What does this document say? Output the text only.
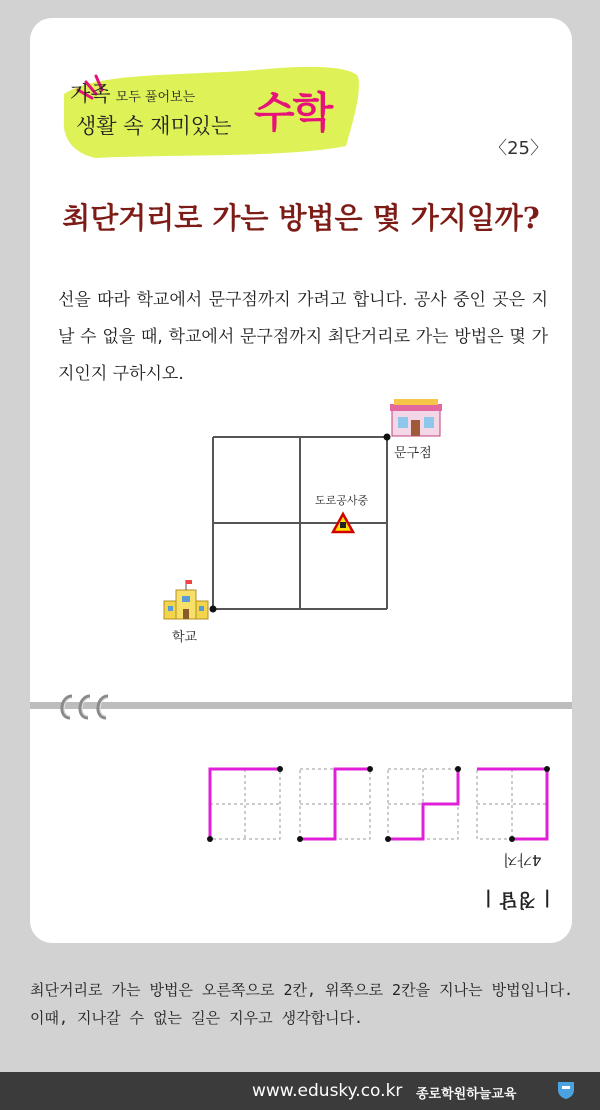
가족 모두 풀어보는
생활 속 재미있는 수학
〈25〉
최단거리로 가는 방법은 몇 가지일까?
선을 따라 학교에서 문구점까지 가려고 합니다. 공사 중인 곳은 지날 수 없을 때, 학교에서 문구점까지 최단거리로 가는 방법은 몇 가지인지 구하시오.
문구점
도로공사중
학교
4가지
| 정답 |
최단거리로 가는 방법은 오른쪽으로 2칸, 위쪽으로 2칸을 지나는 방법입니다. 이때, 지나갈 수 없는 길은 지우고 생각합니다.
www.edusky.co.kr 종로학원하늘교육
